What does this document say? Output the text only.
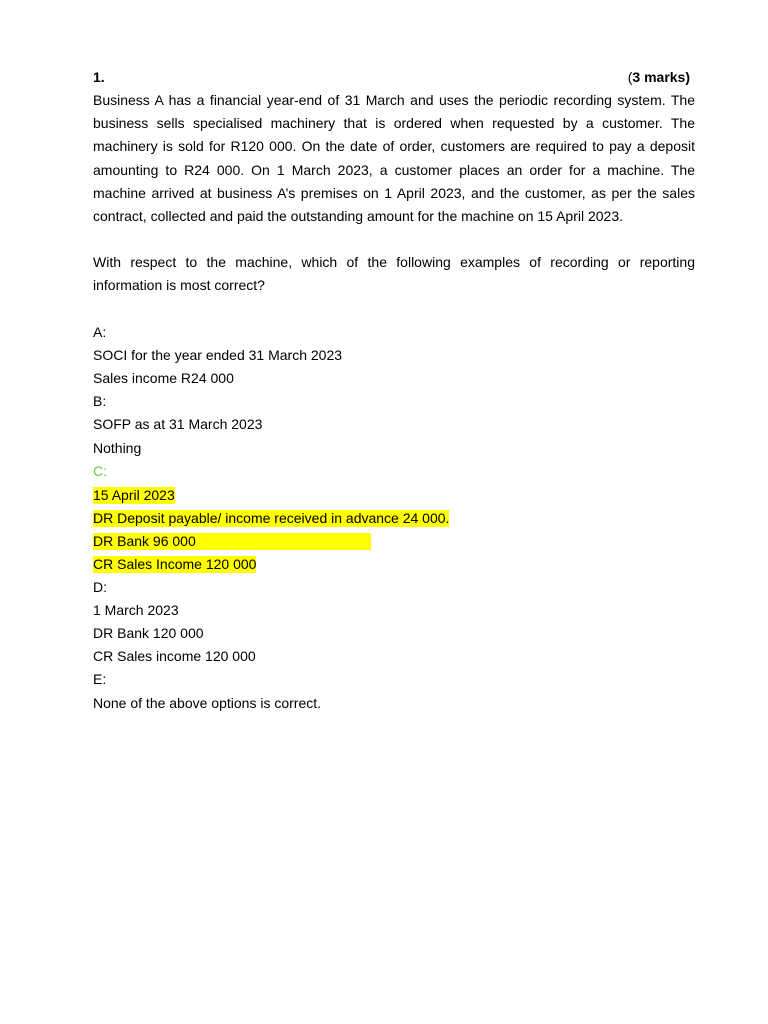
1.	(3 marks)
Business A has a financial year-end of 31 March and uses the periodic recording system. The business sells specialised machinery that is ordered when requested by a customer. The machinery is sold for R120 000. On the date of order, customers are required to pay a deposit amounting to R24 000. On 1 March 2023, a customer places an order for a machine. The machine arrived at business A’s premises on 1 April 2023, and the customer, as per the sales contract, collected and paid the outstanding amount for the machine on 15 April 2023.
With respect to the machine, which of the following examples of recording or reporting information is most correct?
A:
SOCI for the year ended 31 March 2023
Sales income R24 000
B:
SOFP as at 31 March 2023
Nothing
C:
15 April 2023
DR Deposit payable/ income received in advance 24 000.
DR Bank 96 000
CR Sales Income 120 000
D:
1 March 2023
DR Bank 120 000
CR Sales income 120 000
E:
None of the above options is correct.
